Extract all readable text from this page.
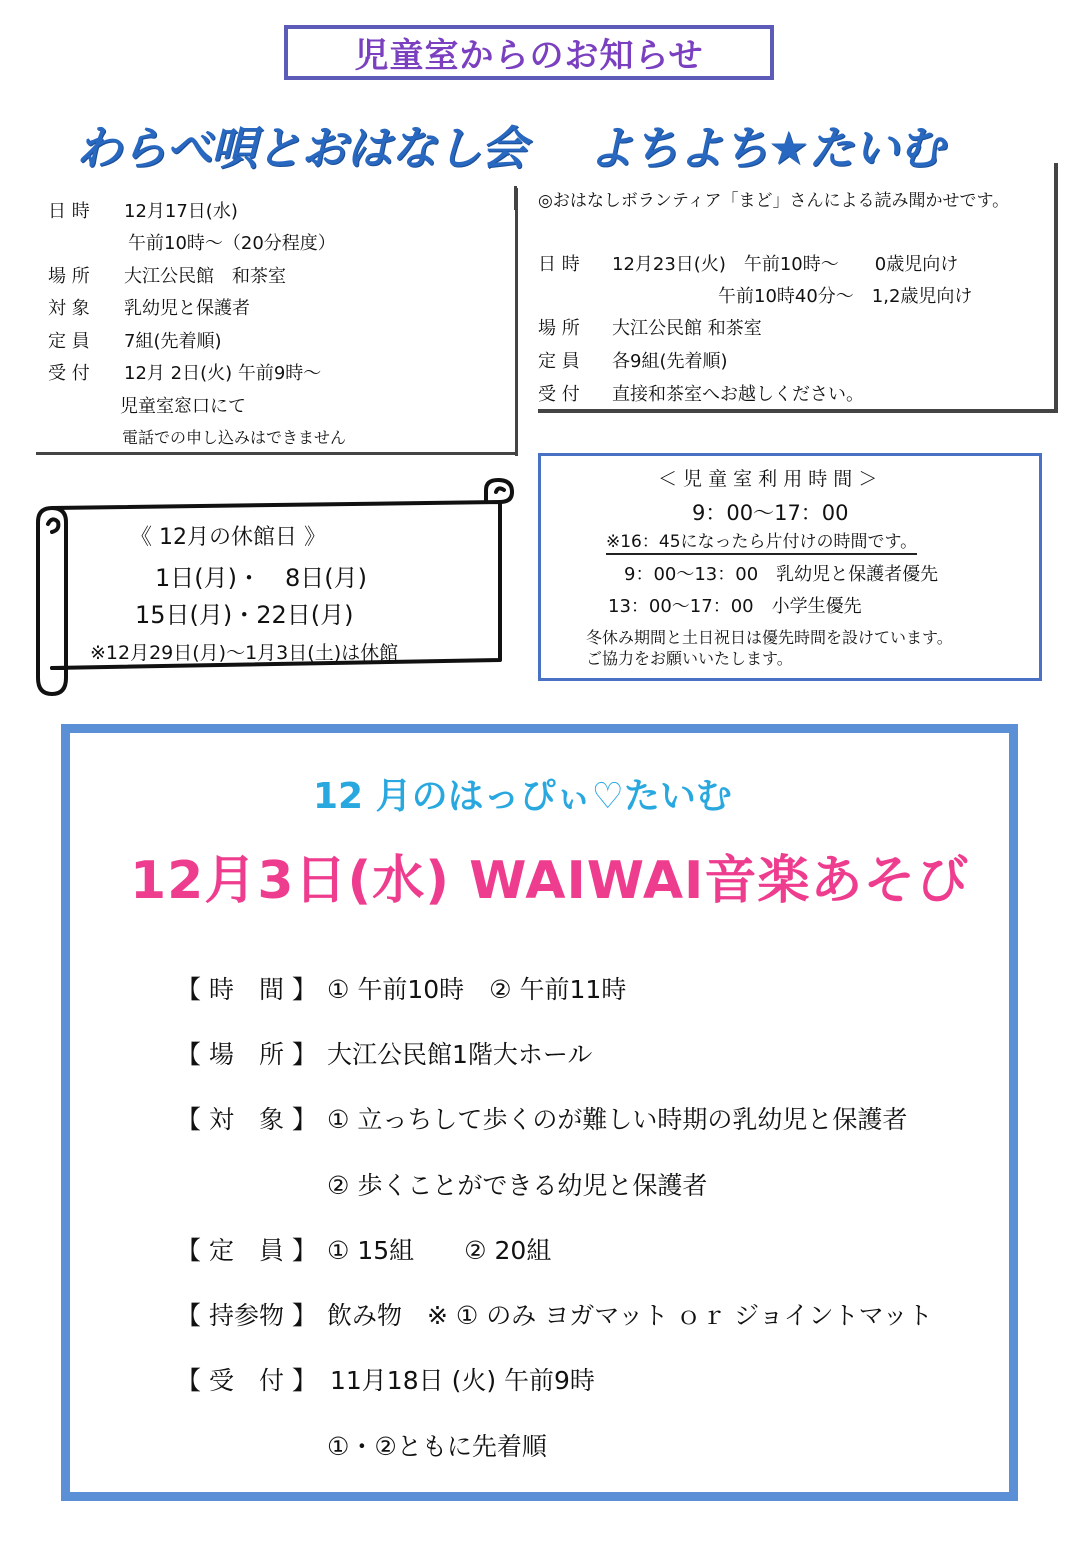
児童室からのお知らせ
わらべ唄とおはなし会 よちよち★たいむ
日 時 12月17日(水)
午前10時～（20分程度）
場 所 大江公民館　和茶室
対 象 乳幼児と保護者
定 員 7組(先着順)
受 付 12月 2日(火) 午前9時～
児童室窓口にて
電話での申し込みはできません
◎おはなしボランティア「まど」さんによる読み聞かせです。
日 時 12月23日(火)　午前10時～　　0歳児向け
午前10時40分～　1,2歳児向け
場 所 大江公民館 和茶室
定 員 各9組(先着順)
受 付 直接和茶室へお越しください。
《 12月の休館日 》
1日(月)・　8日(月)
15日(月)・22日(月)
※12月29日(月)～1月3日(土)は休館
＜ 児 童 室 利 用 時 間 ＞
9：00～17：00
※16：45になったら片付けの時間です。
9：00～13：00　乳幼児と保護者優先
13：00～17：00　小学生優先
冬休み期間と土日祝日は優先時間を設けています。
ご協力をお願いいたします。
12 月のはっぴぃ♡たいむ
12月3日(水) WAIWAI音楽あそび
【 時　間 】 ① 午前10時　② 午前11時
【 場　所 】 大江公民館1階大ホール
【 対　象 】 ① 立っちして歩くのが難しい時期の乳幼児と保護者
② 歩くことができる幼児と保護者
【 定　員 】 ① 15組　　② 20組
【 持参物 】 飲み物　※ ① のみ ヨガマット ｏｒ ジョイントマット
【 受　付 】 11月18日 (火) 午前9時
①・②ともに先着順
